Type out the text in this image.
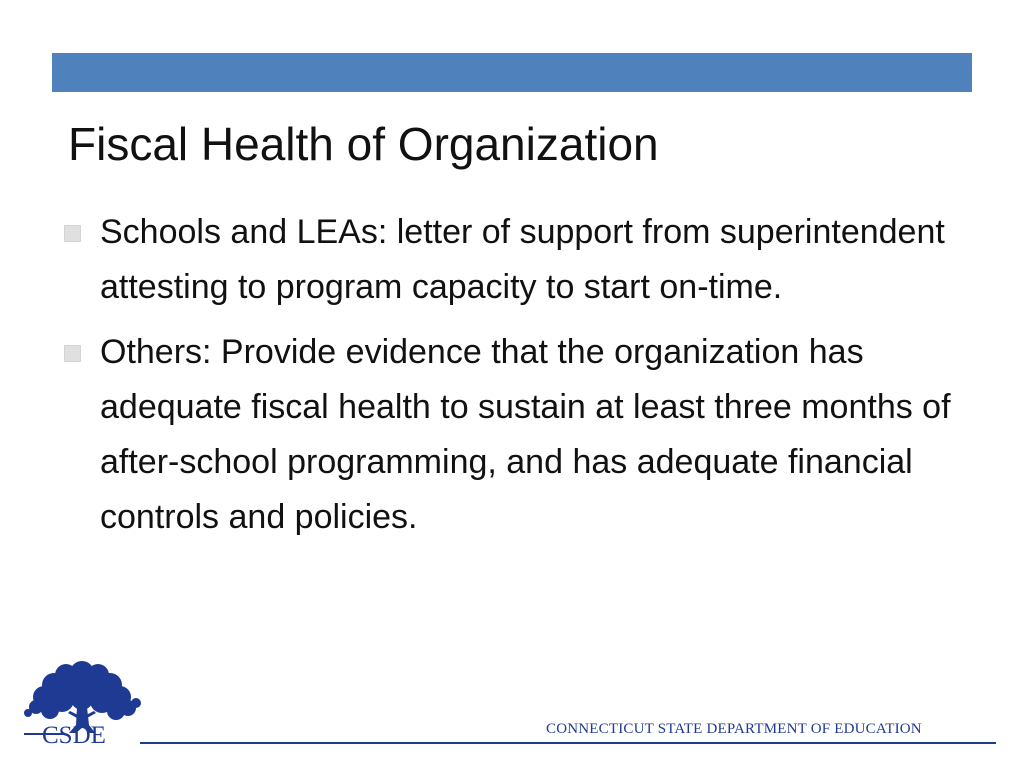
Fiscal Health of Organization
Schools and LEAs: letter of support from superintendent attesting to program capacity to start on-time.
Others: Provide evidence that the organization has adequate fiscal health to sustain at least three months of after-school programming, and has adequate financial controls and policies.
CSDE	CONNECTICUT STATE DEPARTMENT OF EDUCATION
